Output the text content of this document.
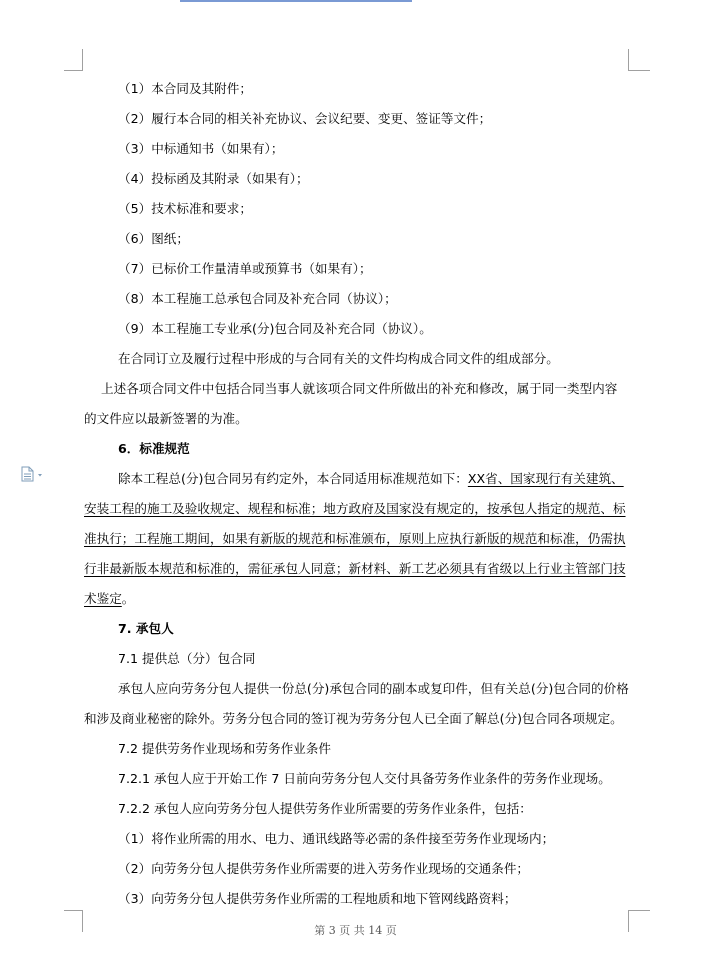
（1）本合同及其附件；
（2）履行本合同的相关补充协议、会议纪要、变更、签证等文件；
（3）中标通知书（如果有）；
（4）投标函及其附录（如果有）；
（5）技术标准和要求；
（6）图纸；
（7）已标价工作量清单或预算书（如果有）；
（8）本工程施工总承包合同及补充合同（协议）；
（9）本工程施工专业承(分)包合同及补充合同（协议）。
在合同订立及履行过程中形成的与合同有关的文件均构成合同文件的组成部分。
上述各项合同文件中包括合同当事人就该项合同文件所做出的补充和修改，属于同一类型内容
的文件应以最新签署的为准。
6．标准规范
除本工程总(分)包合同另有约定外，本合同适用标准规范如下：XX省、国家现行有关建筑、
安装工程的施工及验收规定、规程和标准；地方政府及国家没有规定的，按承包人指定的规范、标
准执行；工程施工期间，如果有新版的规范和标准颁布，原则上应执行新版的规范和标准，仍需执
行非最新版本规范和标准的，需征承包人同意；新材料、新工艺必须具有省级以上行业主管部门技
术鉴定。
7. 承包人
7.1 提供总（分）包合同
承包人应向劳务分包人提供一份总(分)承包合同的副本或复印件，但有关总(分)包合同的价格
和涉及商业秘密的除外。劳务分包合同的签订视为劳务分包人已全面了解总(分)包合同各项规定。
7.2 提供劳务作业现场和劳务作业条件
7.2.1 承包人应于开始工作 7 日前向劳务分包人交付具备劳务作业条件的劳务作业现场。
7.2.2 承包人应向劳务分包人提供劳务作业所需要的劳务作业条件，包括：
（1）将作业所需的用水、电力、通讯线路等必需的条件接至劳务作业现场内；
（2）向劳务分包人提供劳务作业所需要的进入劳务作业现场的交通条件；
（3）向劳务分包人提供劳务作业所需的工程地质和地下管网线路资料；
第 3 页 共 14 页
